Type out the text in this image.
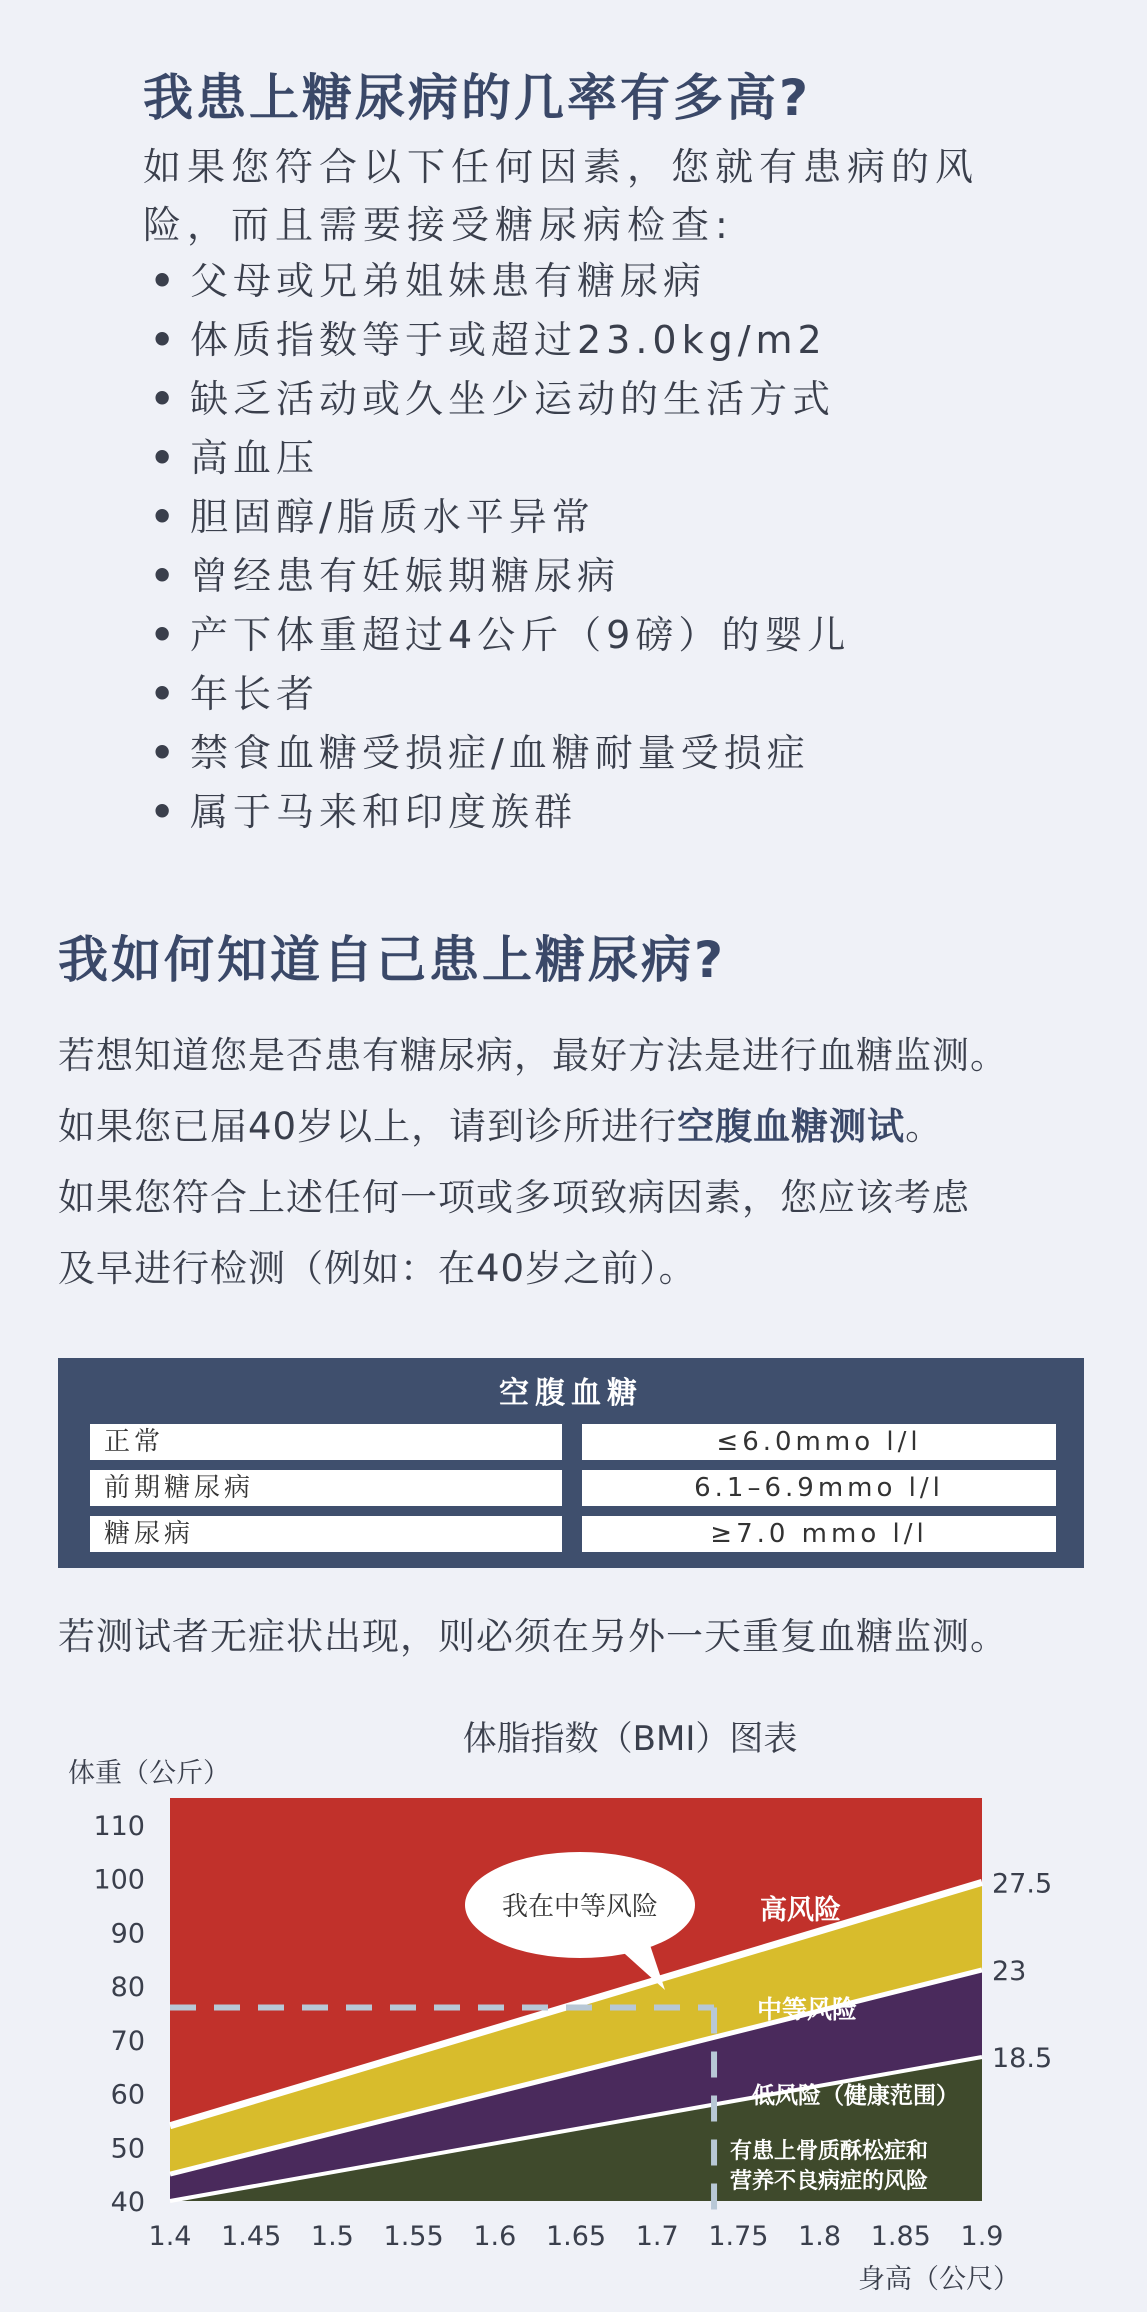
我患上糖尿病的几率有多高?
如果您符合以下任何因素，您就有患病的风
险，而且需要接受糖尿病检查:
• 父母或兄弟姐妹患有糖尿病
• 体质指数等于或超过23.0kg/m2
• 缺乏活动或久坐少运动的生活方式
• 高血压
• 胆固醇/脂质水平异常
• 曾经患有妊娠期糖尿病
• 产下体重超过4公斤（9磅）的婴儿
• 年长者
• 禁食血糖受损症/血糖耐量受损症
• 属于马来和印度族群
我如何知道自己患上糖尿病?
若想知道您是否患有糖尿病，最好方法是进行血糖监测。
如果您已届40岁以上，请到诊所进行空腹血糖测试。
如果您符合上述任何一项或多项致病因素，您应该考虑
及早进行检测（例如：在40岁之前）。
空腹血糖
正常	≤6.0mmo l/l
前期糖尿病	6.1–6.9mmo l/l
糖尿病	≥7.0 mmo l/l
若测试者无症状出现，则必须在另外一天重复血糖监测。
体脂指数（BMI）图表
体重（公斤）
身高（公尺）
我在中等风险	高风险
中等风险
低风险（健康范围）
有患上骨质酥松症和
营养不良病症的风险
110
100
90
80
70
60
50
40
1.4 1.45 1.5 1.55 1.6 1.65 1.7 1.75 1.8 1.85 1.9
27.5
23
18.5
